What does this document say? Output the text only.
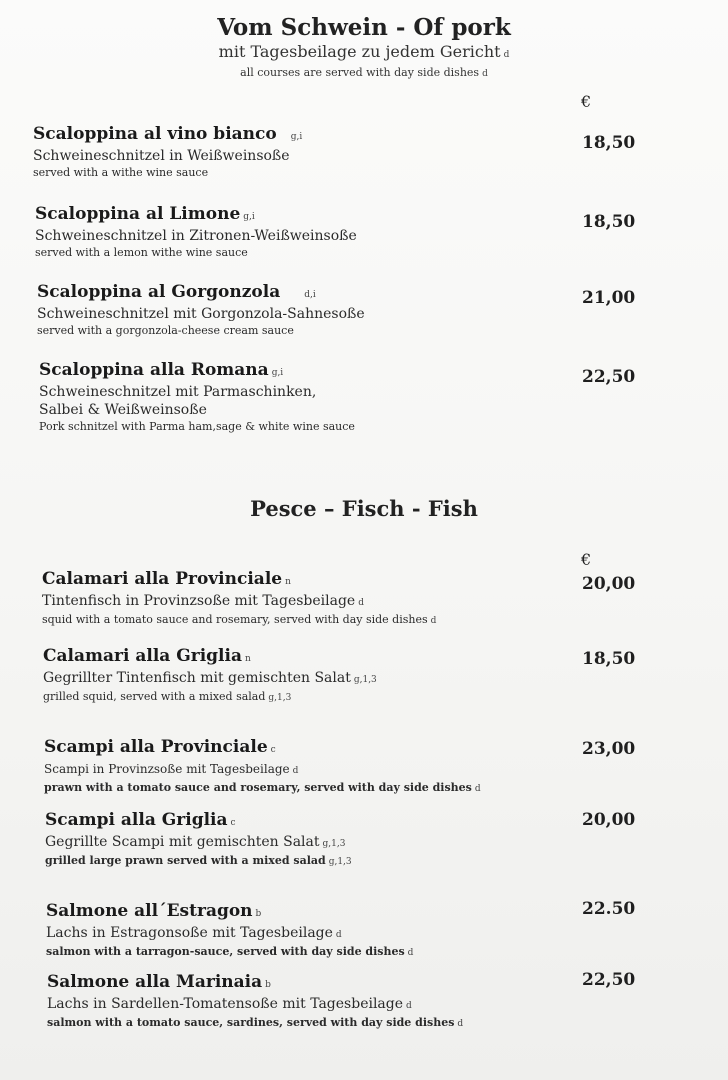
Vom Schwein - Of pork
mit Tagesbeilage zu jedem Gericht d
all courses are served with day side dishes d
€
Scaloppina al vino bianco g,i
Schweineschnitzel in Weißweinsoße
served with a withe wine sauce
18,50
Scaloppina al Limone g,i
Schweineschnitzel in Zitronen-Weißweinsoße
served with a lemon withe wine sauce
18,50
Scaloppina al Gorgonzola	d,i
Schweineschnitzel mit Gorgonzola-Sahnesoße
served with a gorgonzola-cheese cream sauce
21,00
Scaloppina alla Romana g,i
Schweineschnitzel mit Parmaschinken,
Salbei & Weißweinsoße
Pork schnitzel with Parma ham,sage & white wine sauce
22,50
Pesce – Fisch - Fish
€
Calamari alla Provinciale n
Tintenfisch in Provinzsoße mit Tagesbeilage d
squid with a tomato sauce and rosemary, served with day side dishes d
20,00
Calamari alla Griglia n
Gegrillter Tintenfisch mit gemischten Salat g,1,3
grilled squid, served with a mixed salad g,1,3
18,50
Scampi alla Provinciale c
Scampi in Provinzsoße mit Tagesbeilage d
prawn with a tomato sauce and rosemary, served with day side dishes d
23,00
Scampi alla Griglia c
Gegrillte Scampi mit gemischten Salat g,1,3
grilled large prawn served with a mixed salad g,1,3
20,00
Salmone all´Estragon b
Lachs in Estragonsoße mit Tagesbeilage d
salmon with a tarragon-sauce, served with day side dishes d
22.50
Salmone alla Marinaia b
Lachs in Sardellen-Tomatensoße mit Tagesbeilage d
salmon with a tomato sauce, sardines, served with day side dishes d
22,50
